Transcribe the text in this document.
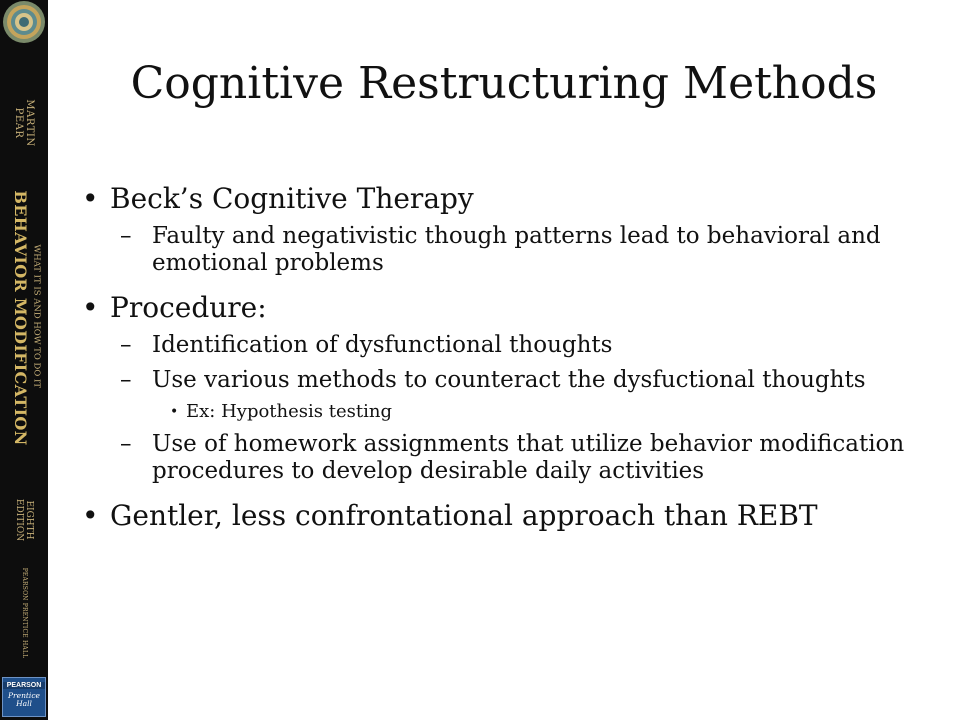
MARTIN
PEAR
BEHAVIOR MODIFICATION WHAT IT IS AND HOW TO DO IT
EIGHTH
EDITION
PEARSON PRENTICE HALL
PEARSON
Prentice
Hall
Cognitive Restructuring Methods
• Beck’s Cognitive Therapy
– Faulty and negativistic though patterns lead to behavioral and emotional problems
• Procedure:
– Identification of dysfunctional thoughts
– Use various methods to counteract the dysfuctional thoughts
• Ex: Hypothesis testing
– Use of homework assignments that utilize behavior modification procedures to develop desirable daily activities
• Gentler, less confrontational approach than REBT
